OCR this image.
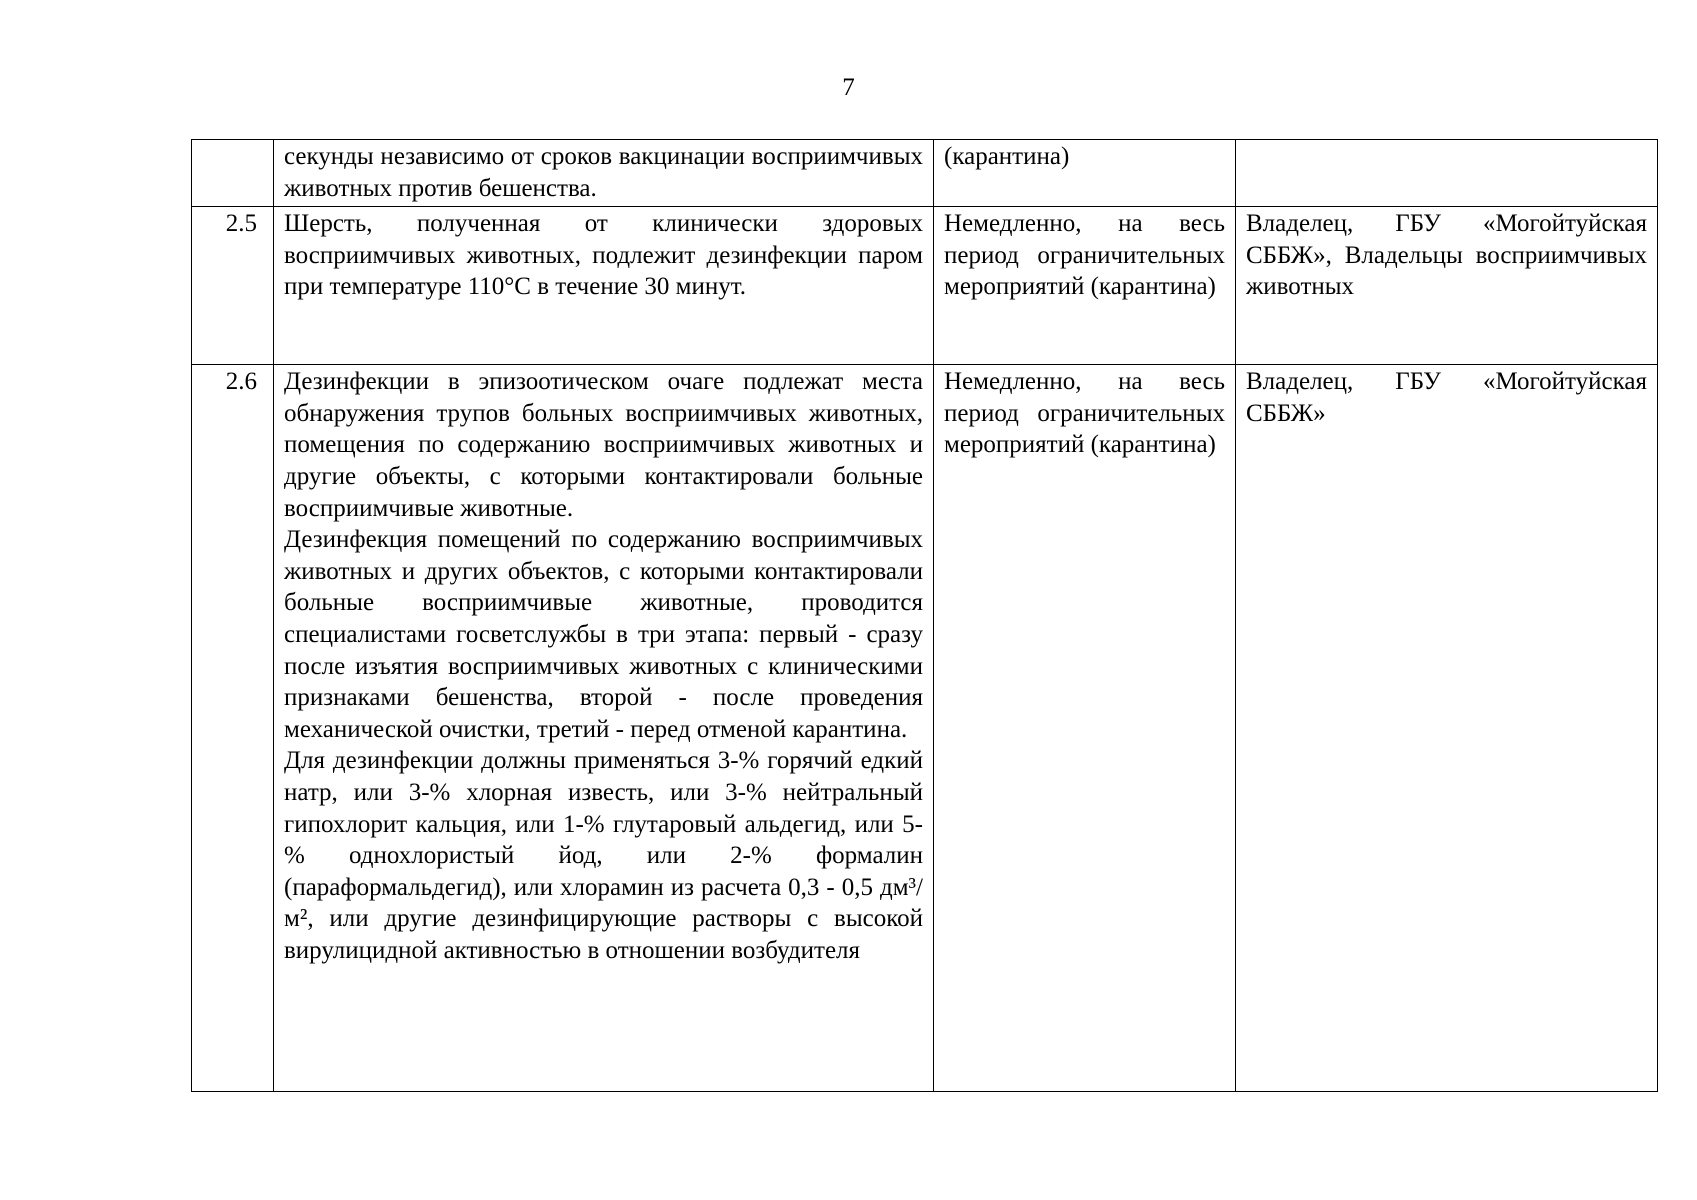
7

	секунды независимо от сроков вакцинации восприимчивых животных против бешенства.	(карантина)	
2.5	Шерсть, полученная от клинически здоровых восприимчивых животных, подлежит дезинфекции паром при температуре 110°С в течение 30 минут.	Немедленно, на весь период ограничительных мероприятий (карантина)	Владелец, ГБУ «Могойтуйская СББЖ», Владельцы восприимчивых животных
2.6	Дезинфекции в эпизоотическом очаге подлежат места обнаружения трупов больных восприимчивых животных, помещения по содержанию восприимчивых животных и другие объекты, с которыми контактировали больные восприимчивые животные.
Дезинфекция помещений по содержанию восприимчивых животных и других объектов, с которыми контактировали больные восприимчивые животные, проводится специалистами госветслужбы в три этапа: первый - сразу после изъятия восприимчивых животных с клиническими признаками бешенства, второй - после проведения механической очистки, третий - перед отменой карантина.
Для дезинфекции должны применяться 3-% горячий едкий натр, или 3-% хлорная известь, или 3-% нейтральный гипохлорит кальция, или 1-% глутаровый альдегид, или 5-% однохлористый йод, или 2-% формалин (параформальдегид), или хлорамин из расчета 0,3 - 0,5 дм³/м², или другие дезинфицирующие растворы с высокой вирулицидной активностью в отношении возбудителя	Немедленно, на весь период ограничительных мероприятий (карантина)	Владелец, ГБУ «Могойтуйская СББЖ»
